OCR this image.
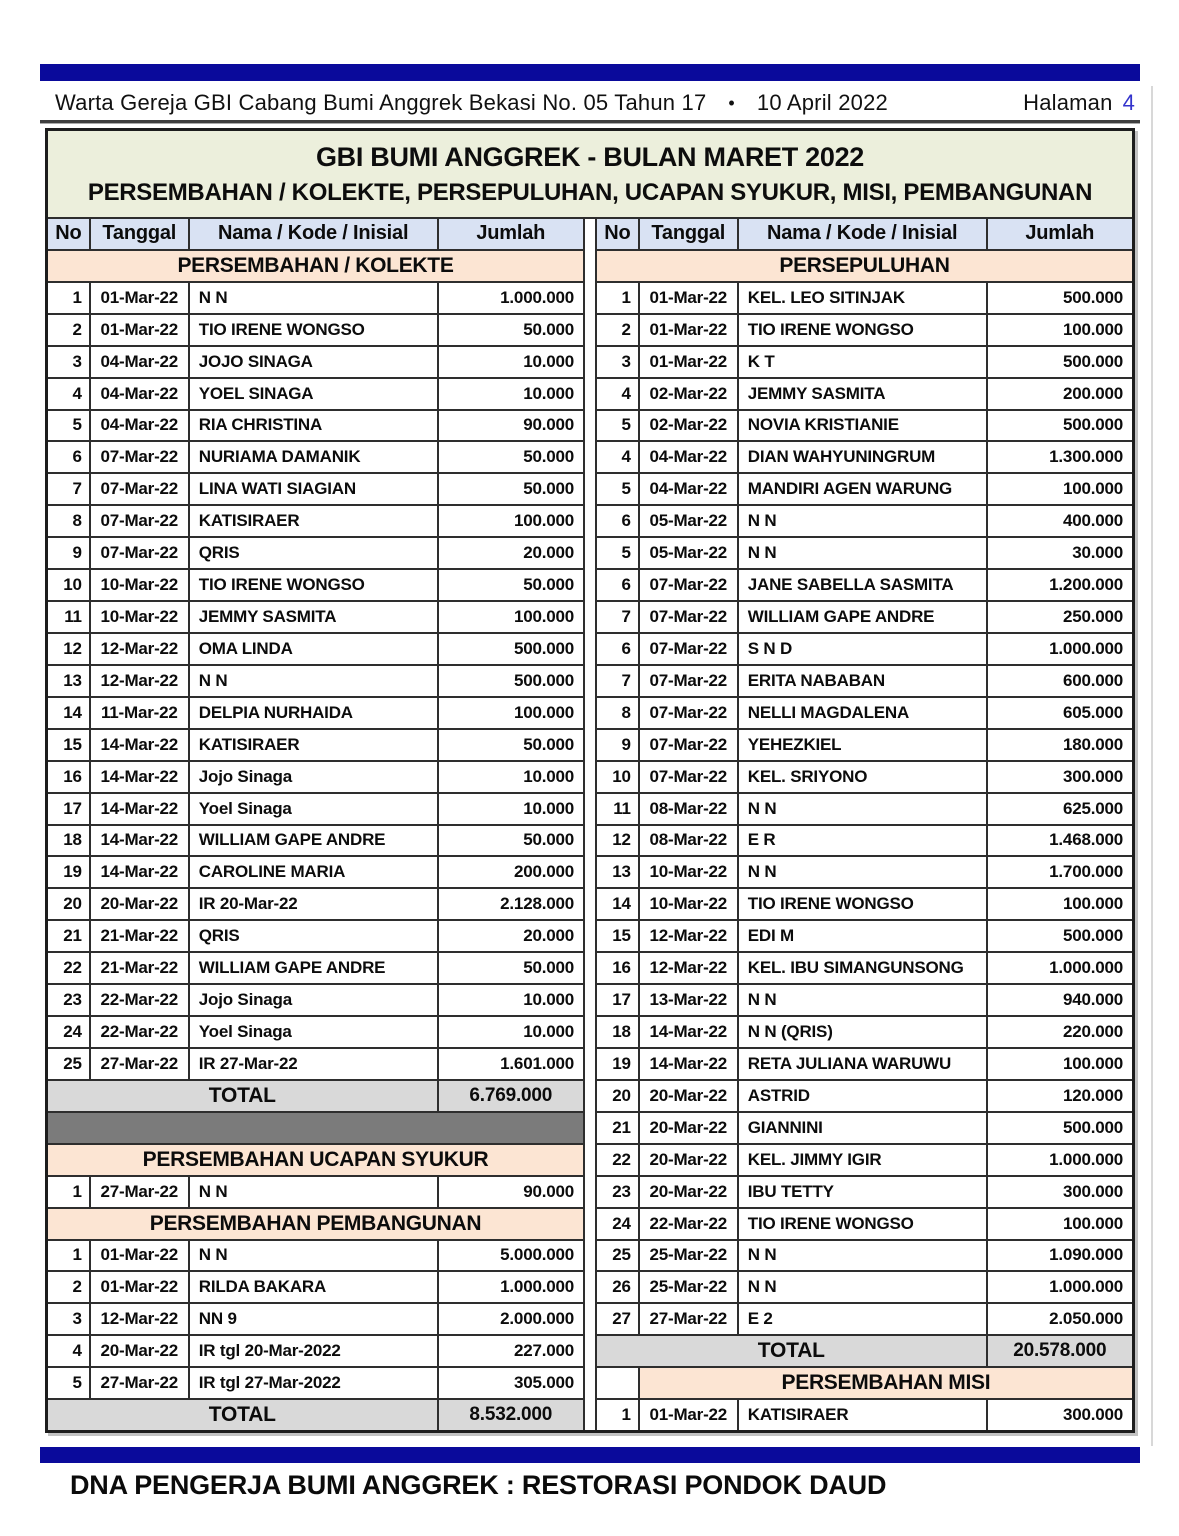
Warta Gereja GBI Cabang Bumi Anggrek Bekasi No. 05 Tahun 17 • 10 April 2022	Halaman 4
GBI BUMI ANGGREK - BULAN MARET 2022
PERSEMBAHAN / KOLEKTE, PERSEPULUHAN, UCAPAN SYUKUR, MISI, PEMBANGUNAN
No	Tanggal	Nama / Kode / Inisial	Jumlah
PERSEMBAHAN / KOLEKTE
1	01-Mar-22	N N	1.000.000
2	01-Mar-22	TIO IRENE WONGSO	50.000
3	04-Mar-22	JOJO SINAGA	10.000
4	04-Mar-22	YOEL SINAGA	10.000
5	04-Mar-22	RIA CHRISTINA	90.000
6	07-Mar-22	NURIAMA DAMANIK	50.000
7	07-Mar-22	LINA WATI SIAGIAN	50.000
8	07-Mar-22	KATISIRAER	100.000
9	07-Mar-22	QRIS	20.000
10	10-Mar-22	TIO IRENE WONGSO	50.000
11	10-Mar-22	JEMMY SASMITA	100.000
12	12-Mar-22	OMA LINDA	500.000
13	12-Mar-22	N N	500.000
14	11-Mar-22	DELPIA NURHAIDA	100.000
15	14-Mar-22	KATISIRAER	50.000
16	14-Mar-22	Jojo Sinaga	10.000
17	14-Mar-22	Yoel Sinaga	10.000
18	14-Mar-22	WILLIAM GAPE ANDRE	50.000
19	14-Mar-22	CAROLINE MARIA	200.000
20	20-Mar-22	IR 20-Mar-22	2.128.000
21	21-Mar-22	QRIS	20.000
22	21-Mar-22	WILLIAM GAPE ANDRE	50.000
23	22-Mar-22	Jojo Sinaga	10.000
24	22-Mar-22	Yoel Sinaga	10.000
25	27-Mar-22	IR 27-Mar-22	1.601.000
TOTAL	6.769.000
PERSEMBAHAN UCAPAN SYUKUR
1	27-Mar-22	N N	90.000
PERSEMBAHAN PEMBANGUNAN
1	01-Mar-22	N N	5.000.000
2	01-Mar-22	RILDA BAKARA	1.000.000
3	12-Mar-22	NN 9	2.000.000
4	20-Mar-22	IR tgl 20-Mar-2022	227.000
5	27-Mar-22	IR tgl 27-Mar-2022	305.000
TOTAL	8.532.000
No	Tanggal	Nama / Kode / Inisial	Jumlah
PERSEPULUHAN
1	01-Mar-22	KEL. LEO SITINJAK	500.000
2	01-Mar-22	TIO IRENE WONGSO	100.000
3	01-Mar-22	K T	500.000
4	02-Mar-22	JEMMY SASMITA	200.000
5	02-Mar-22	NOVIA KRISTIANIE	500.000
4	04-Mar-22	DIAN WAHYUNINGRUM	1.300.000
5	04-Mar-22	MANDIRI AGEN WARUNG	100.000
6	05-Mar-22	N N	400.000
5	05-Mar-22	N N	30.000
6	07-Mar-22	JANE SABELLA SASMITA	1.200.000
7	07-Mar-22	WILLIAM GAPE ANDRE	250.000
6	07-Mar-22	S N D	1.000.000
7	07-Mar-22	ERITA NABABAN	600.000
8	07-Mar-22	NELLI MAGDALENA	605.000
9	07-Mar-22	YEHEZKIEL	180.000
10	07-Mar-22	KEL. SRIYONO	300.000
11	08-Mar-22	N N	625.000
12	08-Mar-22	E R	1.468.000
13	10-Mar-22	N N	1.700.000
14	10-Mar-22	TIO IRENE WONGSO	100.000
15	12-Mar-22	EDI M	500.000
16	12-Mar-22	KEL. IBU SIMANGUNSONG	1.000.000
17	13-Mar-22	N N	940.000
18	14-Mar-22	N N (QRIS)	220.000
19	14-Mar-22	RETA JULIANA WARUWU	100.000
20	20-Mar-22	ASTRID	120.000
21	20-Mar-22	GIANNINI	500.000
22	20-Mar-22	KEL. JIMMY IGIR	1.000.000
23	20-Mar-22	IBU TETTY	300.000
24	22-Mar-22	TIO IRENE WONGSO	100.000
25	25-Mar-22	N N	1.090.000
26	25-Mar-22	N N	1.000.000
27	27-Mar-22	E 2	2.050.000
TOTAL	20.578.000
PERSEMBAHAN MISI
1	01-Mar-22	KATISIRAER	300.000
DNA PENGERJA BUMI ANGGREK : RESTORASI PONDOK DAUD
